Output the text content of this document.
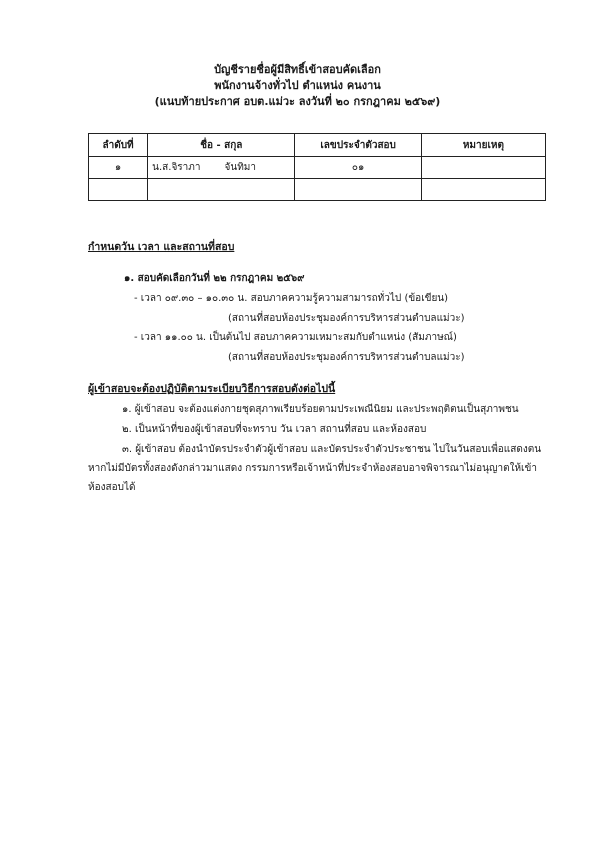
บัญชีรายชื่อผู้มีสิทธิ์เข้าสอบคัดเลือก
พนักงานจ้างทั่วไป ตำแหน่ง คนงาน
(แนบท้ายประกาศ อบต.แม่วะ ลงวันที่ ๒๐ กรกฎาคม ๒๕๖๙)
ลำดับที่	ชื่อ - สกุล	เลขประจำตัวสอบ	หมายเหตุ
๑	น.ส.จิราภา จันทิมา	๐๑	

กำหนดวัน เวลา และสถานที่สอบ
๑. สอบคัดเลือกวันที่ ๒๒ กรกฎาคม ๒๕๖๙
- เวลา ๐๙.๓๐ – ๑๐.๓๐ น. สอบภาคความรู้ความสามารถทั่วไป (ข้อเขียน)
(สถานที่สอบห้องประชุมองค์การบริหารส่วนตำบลแม่วะ)
- เวลา ๑๑.๐๐ น. เป็นต้นไป สอบภาคความเหมาะสมกับตำแหน่ง (สัมภาษณ์)
(สถานที่สอบห้องประชุมองค์การบริหารส่วนตำบลแม่วะ)
ผู้เข้าสอบจะต้องปฏิบัติตามระเบียบวิธีการสอบดังต่อไปนี้
๑. ผู้เข้าสอบ จะต้องแต่งกายชุดสุภาพเรียบร้อยตามประเพณีนิยม และประพฤติตนเป็นสุภาพชน
๒. เป็นหน้าที่ของผู้เข้าสอบที่จะทราบ วัน เวลา สถานที่สอบ และห้องสอบ
๓. ผู้เข้าสอบ ต้องนำบัตรประจำตัวผู้เข้าสอบ และบัตรประจำตัวประชาชน ไปในวันสอบเพื่อแสดงตน
หากไม่มีบัตรทั้งสองดังกล่าวมาแสดง กรรมการหรือเจ้าหน้าที่ประจำห้องสอบอาจพิจารณาไม่อนุญาตให้เข้า
ห้องสอบได้
